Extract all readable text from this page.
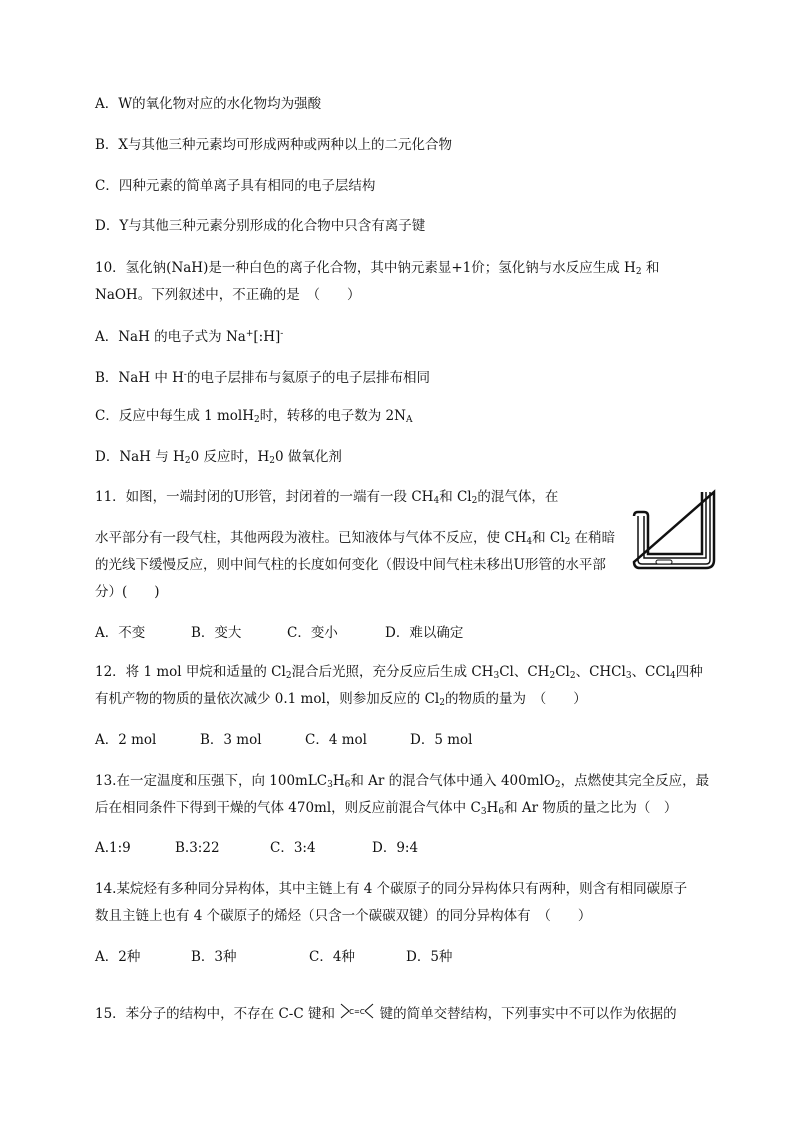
A．W的氧化物对应的水化物均为强酸
B．X与其他三种元素均可形成两种或两种以上的二元化合物
C．四种元素的简单离子具有相同的电子层结构
D．Y与其他三种元素分别形成的化合物中只含有离子键
10．氢化钠(NaH)是一种白色的离子化合物，其中钠元素显+1价；氢化钠与水反应生成 $H_2$ 和
NaOH。下列叙述中，不正确的是　（　　）
A．NaH 的电子式为 Na+[:H]-
B．NaH 中 H-的电子层排布与氦原子的电子层排布相同
C．反应中每生成 1 molH$_2$时，转移的电子数为 $2N_A$
D．NaH 与 $H_20$ 反应时，$H_20$ 做氧化剂
11．如图，一端封闭的U形管，封闭着的一端有一段 $CH_4$和 $Cl_2$的混气体，在
水平部分有一段气柱，其他两段为液柱。已知液体与气体不反应，使 $CH_4$和 $Cl_2$ 在稍暗
的光线下缓慢反应，则中间气柱的长度如何变化（假设中间气柱未移出U形管的水平部
分）(　　)
A．不变	B．变大	C．变小	D．难以确定
12．将 1 mol 甲烷和适量的 $Cl_2$混合后光照，充分反应后生成 $CH_3Cl$、$CH_2Cl_2$、CHCl$_3$、CCl$_4$四种
有机产物的物质的量依次减少 0.1 mol，则参加反应的 $Cl_2$的物质的量为　（　　）
A．2 mol	B．3 mol	C．4 mol	D．5 mol
13.在一定温度和压强下，向 $100mLC_3H_6$和 Ar 的混合气体中通入 400mlO$_2$，点燃使其完全反应，最
后在相同条件下得到干燥的气体 470ml，则反应前混合气体中 $C_3H_6$和 Ar 物质的量之比为（　）
A.1:9	B.3:22	C．3:4	D．9:4
14.某烷烃有多种同分异构体，其中主链上有 4 个碳原子的同分异构体只有两种，则含有相同碳原子
数且主链上也有 4 个碳原子的烯烃（只含一个碳碳双键）的同分异构体有　（　　）
A．2种	B．3种	C．4种	D．5种
15．苯分子的结构中，不存在 C-C 键和 C=C 键的简单交替结构，下列事实中不可以作为依据的
